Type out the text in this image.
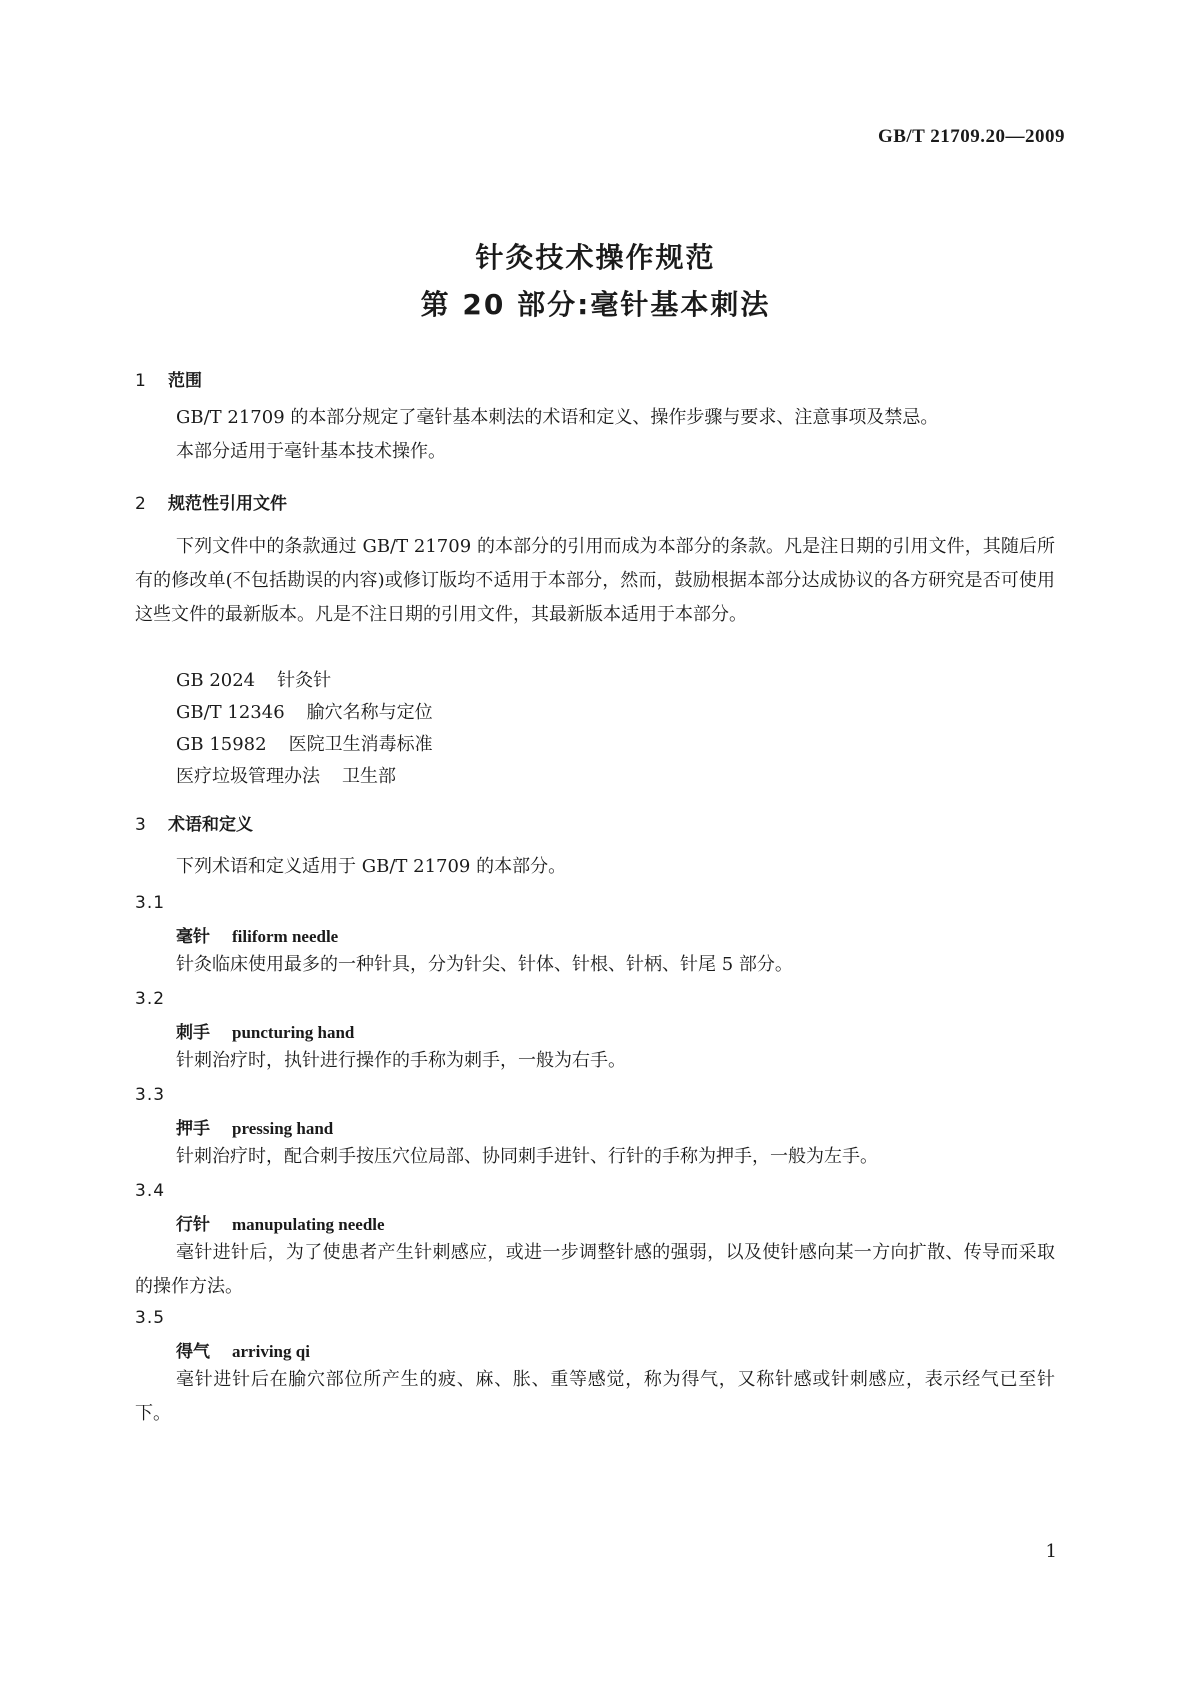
GB/T 21709.20—2009
针灸技术操作规范
第 20 部分:毫针基本刺法
1 范围

GB/T 21709 的本部分规定了毫针基本刺法的术语和定义、操作步骤与要求、注意事项及禁忌。

本部分适用于毫针基本技术操作。

2 规范性引用文件

下列文件中的条款通过 GB/T 21709 的本部分的引用而成为本部分的条款。凡是注日期的引用文件，其随后所有的修改单(不包括勘误的内容)或修订版均不适用于本部分，然而，鼓励根据本部分达成协议的各方研究是否可使用这些文件的最新版本。凡是不注日期的引用文件，其最新版本适用于本部分。

GB 2024 针灸针
GB/T 12346 腧穴名称与定位
GB 15982 医院卫生消毒标准
医疗垃圾管理办法 卫生部
3 术语和定义

下列术语和定义适用于 GB/T 21709 的本部分。

3.1
毫针 filiform needle

针灸临床使用最多的一种针具，分为针尖、针体、针根、针柄、针尾 5 部分。

3.2
刺手 puncturing hand

针刺治疗时，执针进行操作的手称为刺手，一般为右手。

3.3
押手 pressing hand

针刺治疗时，配合刺手按压穴位局部、协同刺手进针、行针的手称为押手，一般为左手。

3.4
行针 manupulating needle

毫针进针后，为了使患者产生针刺感应，或进一步调整针感的强弱，以及使针感向某一方向扩散、传导而采取的操作方法。

3.5
得气 arriving qi

毫针进针后在腧穴部位所产生的疲、麻、胀、重等感觉，称为得气，又称针感或针刺感应，表示经气已至针下。

1
